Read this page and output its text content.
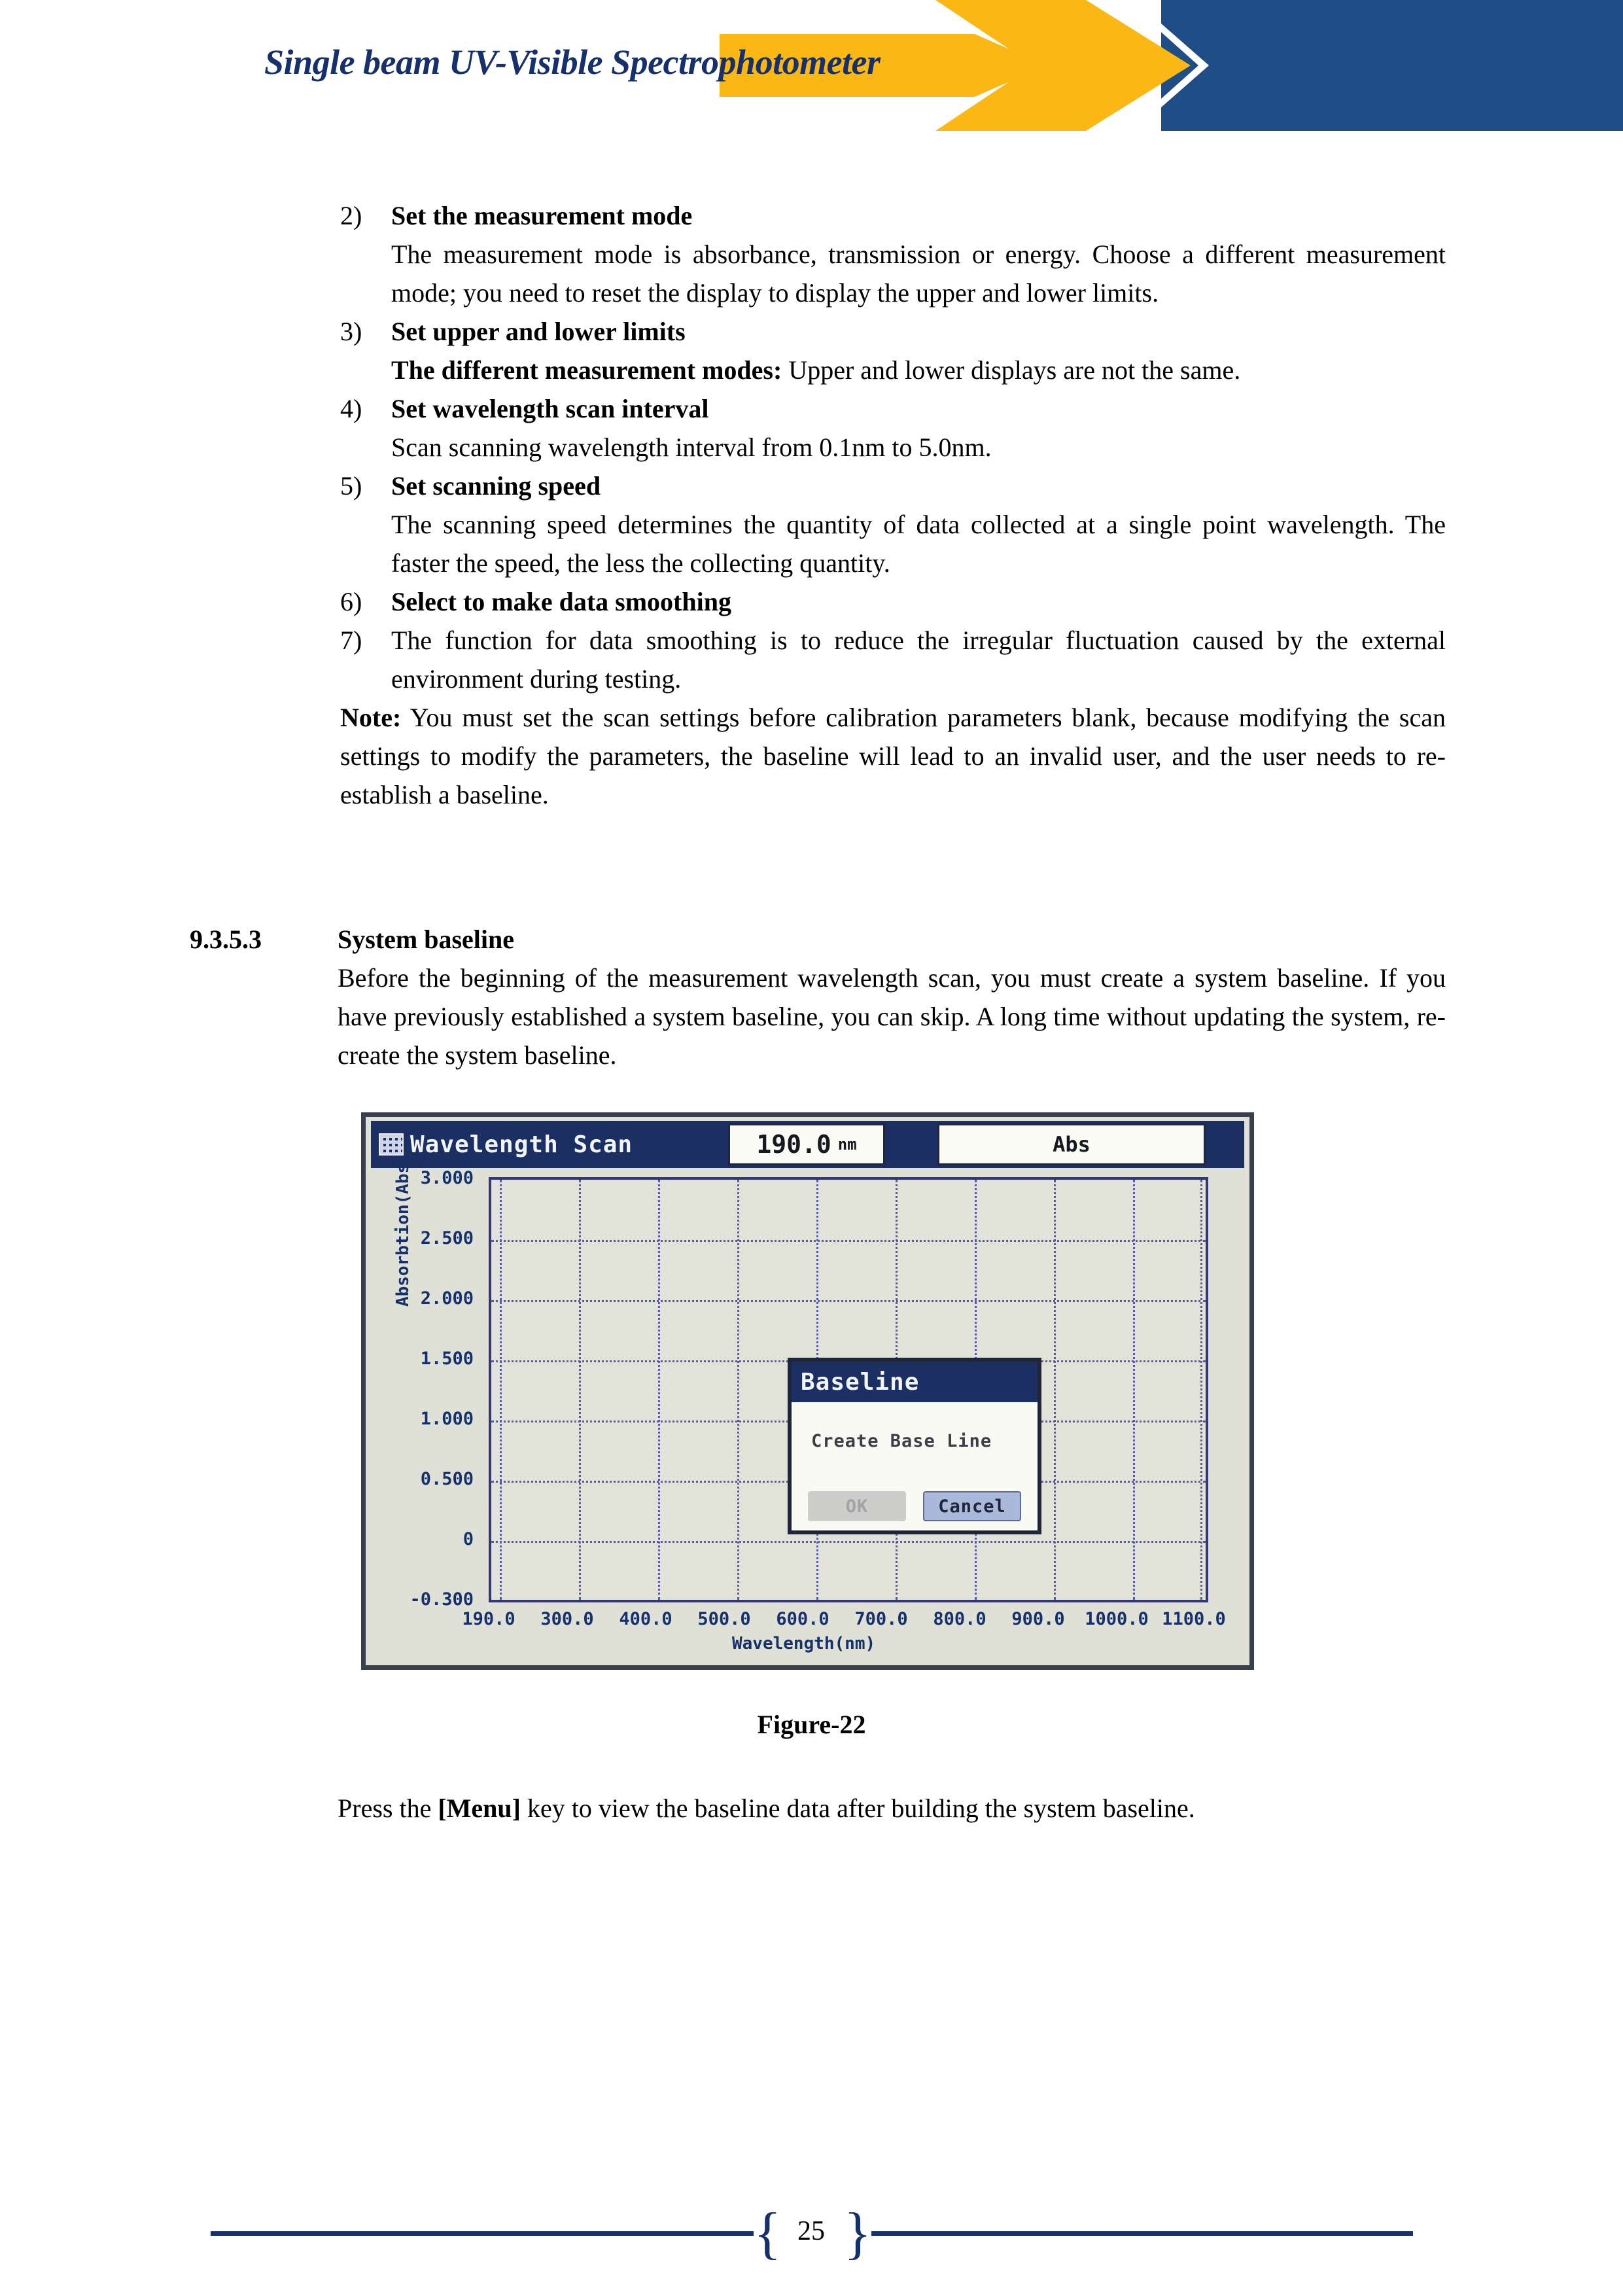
Single beam UV-Visible Spectrophotometer LX511SS
2)	Set the measurement mode
The measurement mode is absorbance, transmission or energy. Choose a different measurement mode; you need to reset the display to display the upper and lower limits.
3)	Set upper and lower limits
The different measurement modes: Upper and lower displays are not the same.
4)	Set wavelength scan interval
Scan scanning wavelength interval from 0.1nm to 5.0nm.
5)	Set scanning speed
The scanning speed determines the quantity of data collected at a single point wavelength. The faster the speed, the less the collecting quantity.
6)	Select to make data smoothing
7)	The function for data smoothing is to reduce the irregular fluctuation caused by the external environment during testing.
Note: You must set the scan settings before calibration parameters blank, because modifying the scan settings to modify the parameters, the baseline will lead to an invalid user, and the user needs to re-establish a baseline.
9.3.5.3	System baseline
Before the beginning of the measurement wavelength scan, you must create a system baseline. If you have previously established a system baseline, you can skip. A long time without updating the system, re-create the system baseline.
Wavelength Scan	190.0 nm	Abs
3.000
2.500
2.000
1.500
1.000
0.500
0
-0.300
Absorbtion(Abs)
190.0	300.0	400.0	500.0	600.0	700.0	800.0	900.0	1000.0 1100.0
Wavelength(nm)
Baseline
Create Base Line
OK	Cancel
Figure-22
Press the [Menu] key to view the baseline data after building the system baseline.
{ 25 }
